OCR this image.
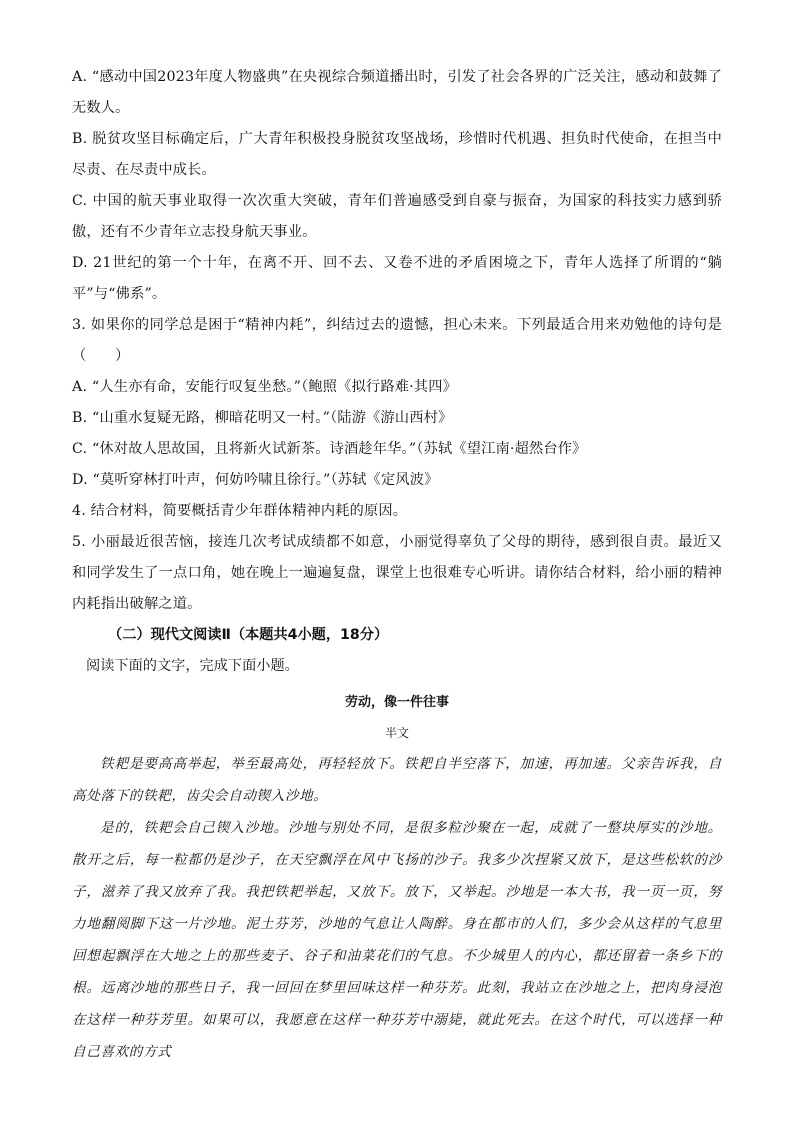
A. “感动中国2023年度人物盛典”在央视综合频道播出时，引发了社会各界的广泛关注，感动和鼓舞了无数人。

B. 脱贫攻坚目标确定后，广大青年积极投身脱贫攻坚战场，珍惜时代机遇、担负时代使命，在担当中尽责、在尽责中成长。

C. 中国的航天事业取得一次次重大突破，青年们普遍感受到自豪与振奋，为国家的科技实力感到骄傲，还有不少青年立志投身航天事业。

D. 21世纪的第一个十年，在离不开、回不去、又卷不进的矛盾困境之下，青年人选择了所谓的“躺平”与“佛系”。

3. 如果你的同学总是困于“精神内耗”，纠结过去的遗憾，担心未来。下列最适合用来劝勉他的诗句是（　　）

A. “人生亦有命，安能行叹复坐愁。”（鲍照《拟行路难·其四》

B. “山重水复疑无路，柳暗花明又一村。”（陆游《游山西村》

C. “休对故人思故国，且将新火试新茶。诗酒趁年华。”（苏轼《望江南·超然台作》

D. “莫听穿林打叶声，何妨吟啸且徐行。”（苏轼《定风波》

4. 结合材料，简要概括青少年群体精神内耗的原因。

5. 小丽最近很苦恼，接连几次考试成绩都不如意，小丽觉得辜负了父母的期待，感到很自责。最近又和同学发生了一点口角，她在晚上一遍遍复盘，课堂上也很难专心听讲。请你结合材料，给小丽的精神内耗指出破解之道。

（二）现代文阅读Ⅱ（本题共4小题，18分）

阅读下面的文字，完成下面小题。

劳动，像一件往事

半文

铁耙是要高高举起，举至最高处，再轻轻放下。铁耙自半空落下，加速，再加速。父亲告诉我，自高处落下的铁耙，齿尖会自动锲入沙地。

是的，铁耙会自己锲入沙地。沙地与别处不同，是很多粒沙聚在一起，成就了一整块厚实的沙地。散开之后，每一粒都仍是沙子，在天空飘浮在风中飞扬的沙子。我多少次捏紧又放下，是这些松软的沙子，滋养了我又放弃了我。我把铁耙举起，又放下。放下，又举起。沙地是一本大书，我一页一页，努力地翻阅脚下这一片沙地。泥土芬芳，沙地的气息让人陶醉。身在都市的人们，多少会从这样的气息里回想起飘浮在大地之上的那些麦子、谷子和油菜花们的气息。不少城里人的内心，都还留着一条乡下的根。远离沙地的那些日子，我一回回在梦里回味这样一种芬芳。此刻，我站立在沙地之上，把肉身浸泡在这样一种芬芳里。如果可以，我愿意在这样一种芬芳中溺毙，就此死去。在这个时代，可以选择一种自己喜欢的方式
